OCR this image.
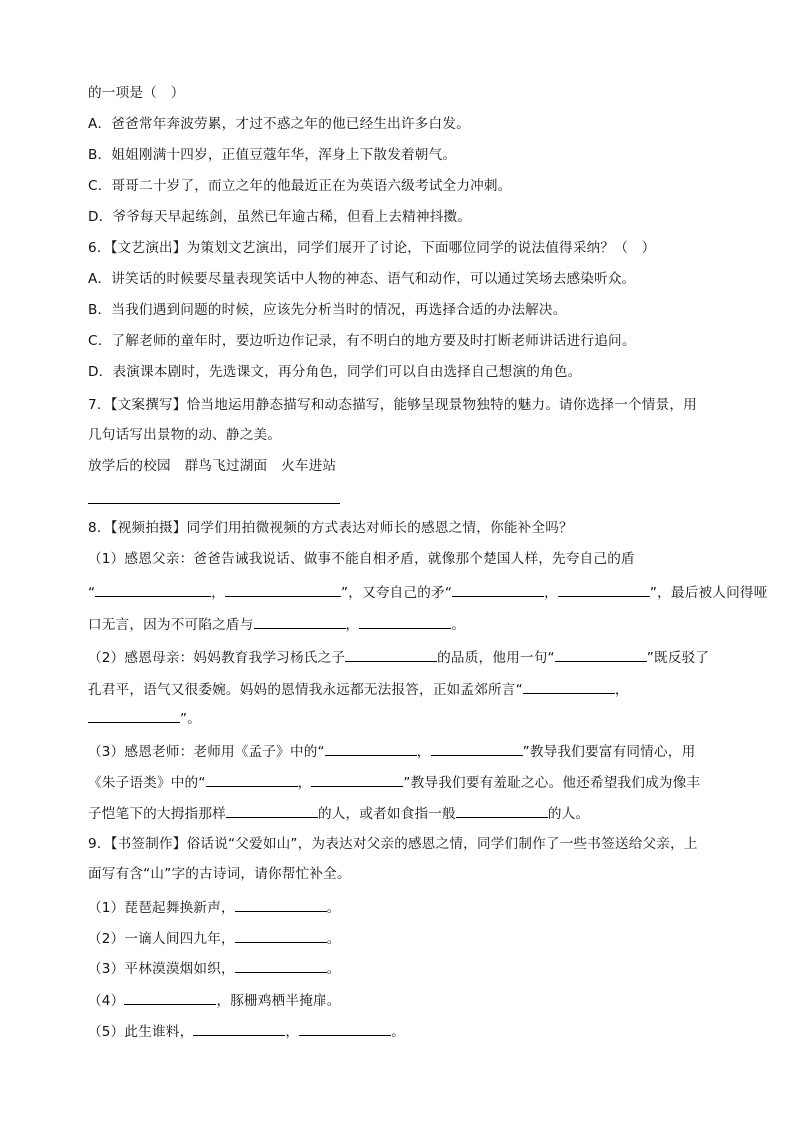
的一项是（　）
A．爸爸常年奔波劳累，才过不惑之年的他已经生出许多白发。
B．姐姐刚满十四岁，正值豆蔻年华，浑身上下散发着朝气。
C．哥哥二十岁了，而立之年的他最近正在为英语六级考试全力冲刺。
D．爷爷每天早起练剑，虽然已年逾古稀，但看上去精神抖擞。
6．【文艺演出】为策划文艺演出，同学们展开了讨论，下面哪位同学的说法值得采纳？（　）
A．讲笑话的时候要尽量表现笑话中人物的神态、语气和动作，可以通过笑场去感染听众。
B．当我们遇到问题的时候，应该先分析当时的情况，再选择合适的办法解决。
C．了解老师的童年时，要边听边作记录，有不明白的地方要及时打断老师讲话进行追问。
D．表演课本剧时，先选课文，再分角色，同学们可以自由选择自己想演的角色。
7．【文案撰写】恰当地运用静态描写和动态描写，能够呈现景物独特的魅力。请你选择一个情景，用
几句话写出景物的动、静之美。
放学后的校园　群鸟飞过湖面　火车进站
8．【视频拍摄】同学们用拍微视频的方式表达对师长的感恩之情，你能补全吗？
（1）感恩父亲：爸爸告诫我说话、做事不能自相矛盾，就像那个楚国人样，先夸自己的盾
“	，	”，又夸自己的矛“	，	”，最后被人问得哑
口无言，因为不可陷之盾与	，	。
（2）感恩母亲：妈妈教育我学习杨氏之子	的品质，他用一句“	”既反驳了
孔君平，语气又很委婉。妈妈的恩情我永远都无法报答，正如孟郊所言“	，
”。
（3）感恩老师：老师用《孟子》中的“	，	”教导我们要富有同情心，用
《朱子语类》中的“	，	”教导我们要有羞耻之心。他还希望我们成为像丰
子恺笔下的大拇指那样	的人，或者如食指一般	的人。
9．【书签制作】俗话说“父爱如山”，为表达对父亲的感恩之情，同学们制作了一些书签送给父亲，上
面写有含“山”字的古诗词，请你帮忙补全。
（1）琵琶起舞换新声，	。
（2）一谪人间四九年，	。
（3）平林漠漠烟如织，	。
（4）	，豚栅鸡栖半掩扉。
（5）此生谁料，	，	。
